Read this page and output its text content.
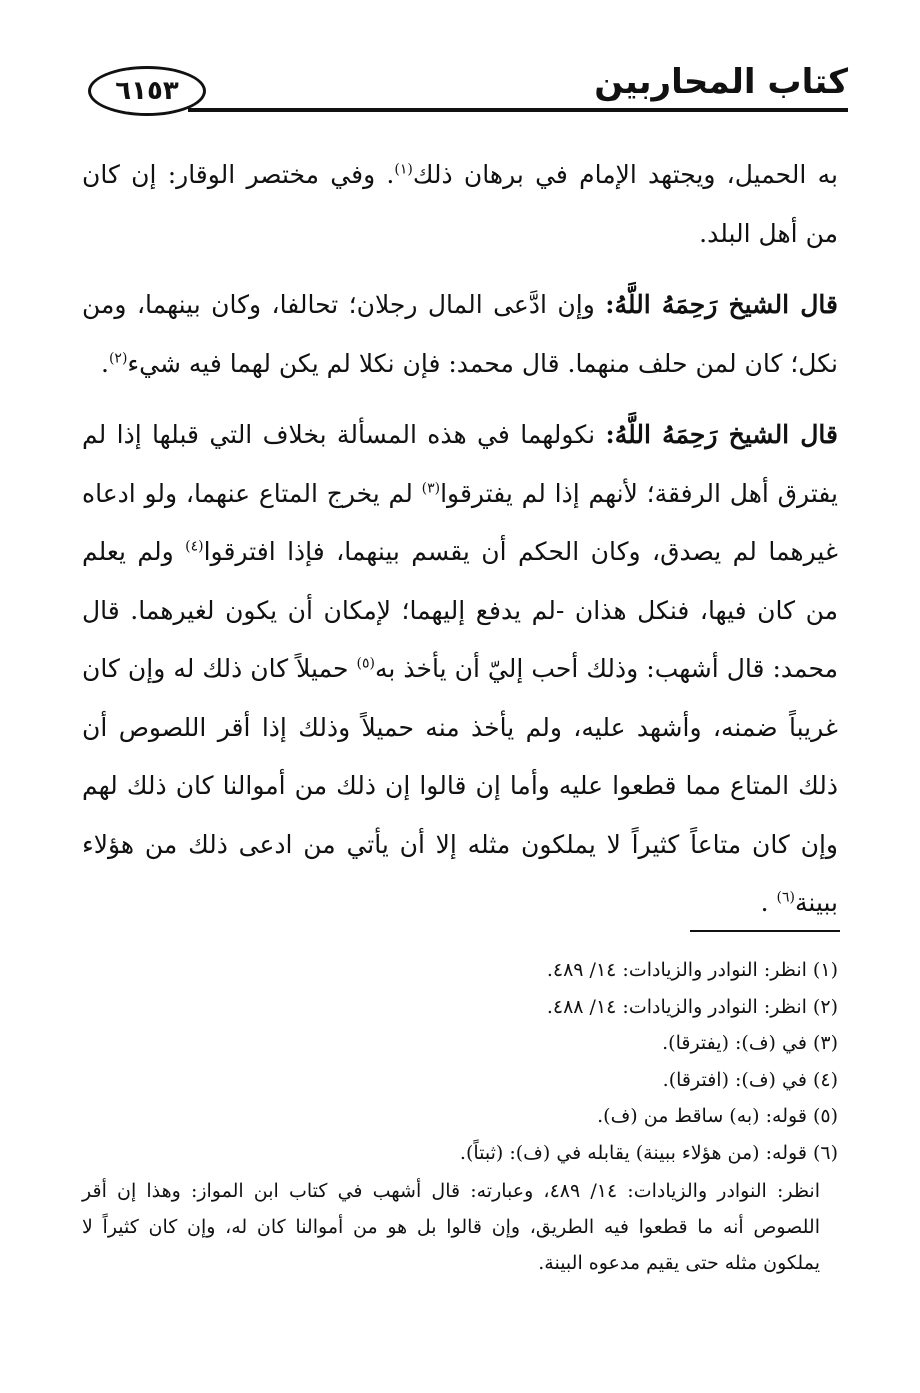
٦١٥٣	كتاب المحاربين

به الحميل، ويجتهد الإمام في برهان ذلك$^{(١)}$. وفي مختصر الوقار: إن كان من أهل البلد.

قال الشيخ رَحِمَهُ اللَّهُ: وإن ادَّعى المال رجلان؛ تحالفا، وكان بينهما، ومن نكل؛ كان لمن حلف منهما. قال محمد: فإن نكلا لم يكن لهما فيه شيء$^{(٢)}$.

قال الشيخ رَحِمَهُ اللَّهُ: نكولهما في هذه المسألة بخلاف التي قبلها إذا لم يفترق أهل الرفقة؛ لأنهم إذا لم يفترقوا$^{(٣)}$ لم يخرج المتاع عنهما، ولو ادعاه غيرهما لم يصدق، وكان الحكم أن يقسم بينهما، فإذا افترقوا$^{(٤)}$ ولم يعلم من كان فيها، فنكل هذان -لم يدفع إليهما؛ لإمكان أن يكون لغيرهما. قال محمد: قال أشهب: وذلك أحب إليّ أن يأخذ به$^{(٥)}$ حميلاً كان ذلك له وإن كان غريباً ضمنه، وأشهد عليه، ولم يأخذ منه حميلاً وذلك إذا أقر اللصوص أن ذلك المتاع مما قطعوا عليه وأما إن قالوا إن ذلك من أموالنا كان ذلك لهم وإن كان متاعاً كثيراً لا يملكون مثله إلا أن يأتي من ادعى ذلك من هؤلاء ببينة$^{(٦)}$ .

(١) انظر: النوادر والزيادات: ١٤/ ٤٨٩.

(٢) انظر: النوادر والزيادات: ١٤/ ٤٨٨.

(٣) في (ف): (يفترقا).

(٤) في (ف): (افترقا).

(٥) قوله: (به) ساقط من (ف).

(٦) قوله: (من هؤلاء ببينة) يقابله في (ف): (ثبتاً).

انظر: النوادر والزيادات: ١٤/ ٤٨٩، وعبارته: قال أشهب في كتاب ابن المواز: وهذا إن أقر اللصوص أنه ما قطعوا فيه الطريق، وإن قالوا بل هو من أموالنا كان له، وإن كان كثيراً لا يملكون مثله حتى يقيم مدعوه البينة.
